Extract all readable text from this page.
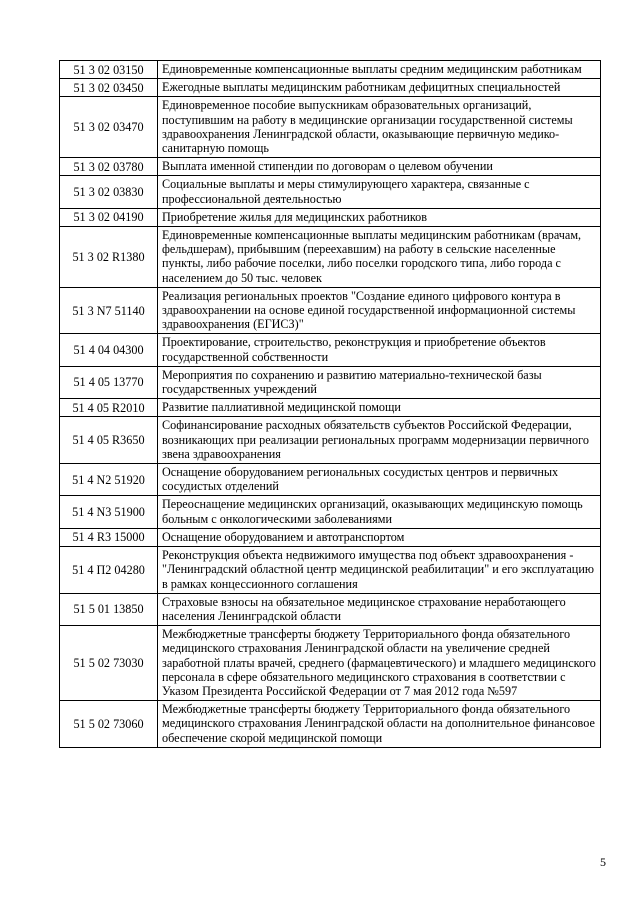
51 3 02 03150	Единовременные компенсационные выплаты средним медицинским работникам
51 3 02 03450	Ежегодные выплаты медицинским работникам дефицитных специальностей
51 3 02 03470	Единовременное пособие выпускникам образовательных организаций, поступившим на работу в медицинские организации государственной системы здравоохранения Ленинградской области, оказывающие первичную медико-санитарную помощь
51 3 02 03780	Выплата именной стипендии по договорам о целевом обучении
51 3 02 03830	Социальные выплаты и меры стимулирующего характера, связанные с профессиональной деятельностью
51 3 02 04190	Приобретение жилья для медицинских работников
51 3 02 R1380	Единовременные компенсационные выплаты медицинским работникам (врачам, фельдшерам), прибывшим (переехавшим) на работу в сельские населенные пункты, либо рабочие поселки, либо поселки городского типа, либо города с населением до 50 тыс. человек
51 3 N7 51140	Реализация региональных проектов "Создание единого цифрового контура в здравоохранении на основе единой государственной информационной системы здравоохранения (ЕГИСЗ)"
51 4 04 04300	Проектирование, строительство, реконструкция и приобретение объектов государственной собственности
51 4 05 13770	Мероприятия по сохранению и развитию материально-технической базы государственных учреждений
51 4 05 R2010	Развитие паллиативной медицинской помощи
51 4 05 R3650	Софинансирование расходных обязательств субъектов Российской Федерации, возникающих при реализации региональных программ модернизации первичного звена здравоохранения
51 4 N2 51920	Оснащение оборудованием региональных сосудистых центров и первичных сосудистых отделений
51 4 N3 51900	Переоснащение медицинских организаций, оказывающих медицинскую помощь больным с онкологическими заболеваниями
51 4 R3 15000	Оснащение оборудованием и автотранспортом
51 4 П2 04280	Реконструкция объекта недвижимого имущества под объект здравоохранения - "Ленинградский областной центр медицинской реабилитации" и его эксплуатацию в рамках концессионного соглашения
51 5 01 13850	Страховые взносы на обязательное медицинское страхование неработающего населения Ленинградской области
51 5 02 73030	Межбюджетные трансферты бюджету Территориального фонда обязательного медицинского страхования Ленинградской области на увеличение средней заработной платы врачей, среднего (фармацевтического) и младшего медицинского персонала в сфере обязательного медицинского страхования в соответствии с Указом Президента Российской Федерации от 7 мая 2012 года №597
51 5 02 73060	Межбюджетные трансферты бюджету Территориального фонда обязательного медицинского страхования Ленинградской области на дополнительное финансовое обеспечение скорой медицинской помощи
5
